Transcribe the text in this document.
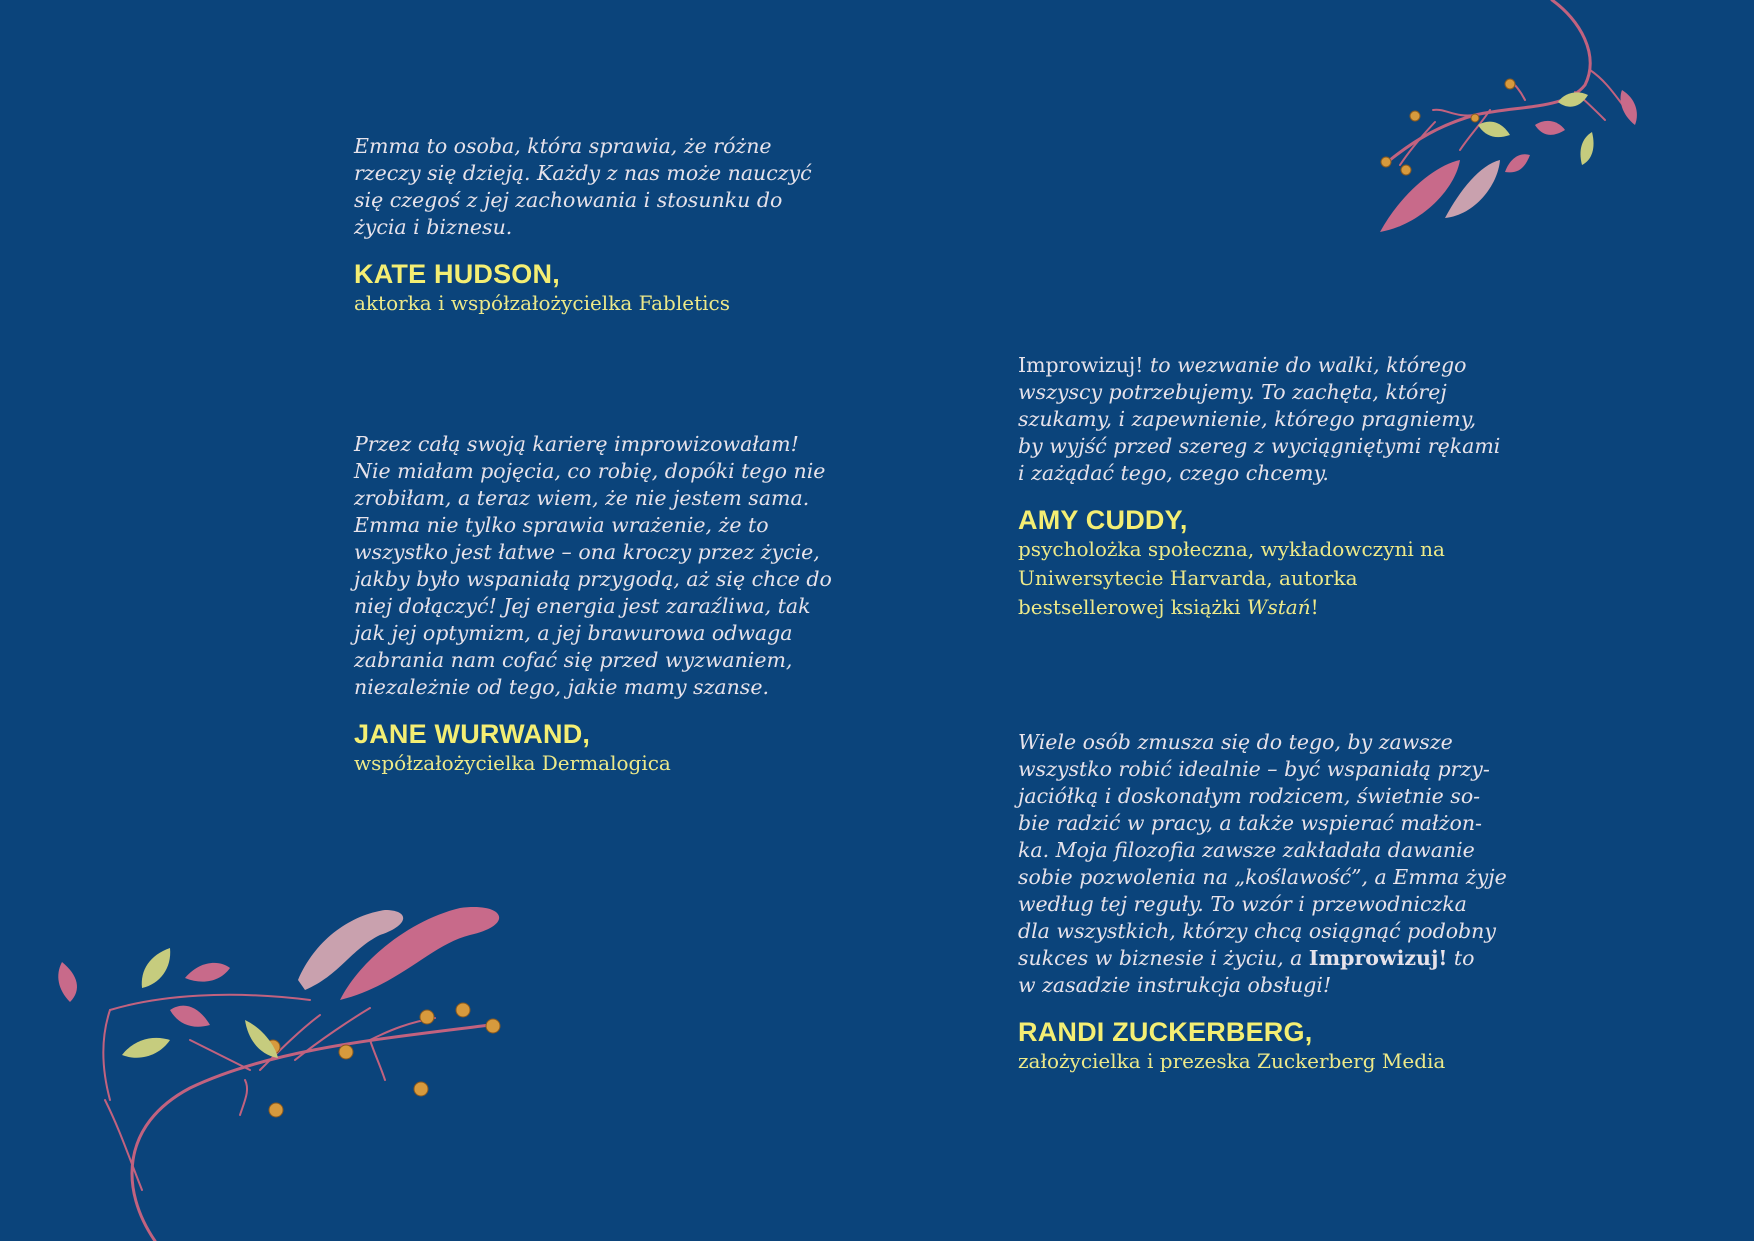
Emma to osoba, która sprawia, że różne
rzeczy się dzieją. Każdy z nas może nauczyć
się czegoś z jej zachowania i stosunku do
życia i biznesu.

KATE HUDSON,
aktorka i współzałożycielka Fabletics

Przez całą swoją karierę improwizowałam!
Nie miałam pojęcia, co robię, dopóki tego nie
zrobiłam, a teraz wiem, że nie jestem sama.
Emma nie tylko sprawia wrażenie, że to
wszystko jest łatwe – ona kroczy przez życie,
jakby było wspaniałą przygodą, aż się chce do
niej dołączyć! Jej energia jest zaraźliwa, tak
jak jej optymizm, a jej brawurowa odwaga
zabrania nam cofać się przed wyzwaniem,
niezależnie od tego, jakie mamy szanse.

JANE WURWAND,
współzałożycielka Dermalogica

Improwizuj! to wezwanie do walki, którego
wszyscy potrzebujemy. To zachęta, której
szukamy, i zapewnienie, którego pragniemy,
by wyjść przed szereg z wyciągniętymi rękami
i zażądać tego, czego chcemy.

AMY CUDDY,
psycholożka społeczna, wykładowczyni na
Uniwersytecie Harvarda, autorka
bestsellerowej książki Wstań!

Wiele osób zmusza się do tego, by zawsze
wszystko robić idealnie – być wspaniałą przy-
jaciółką i doskonałym rodzicem, świetnie so-
bie radzić w pracy, a także wspierać małżon-
ka. Moja filozofia zawsze zakładała dawanie
sobie pozwolenia na „koślawość”, a Emma żyje
według tej reguły. To wzór i przewodniczka
dla wszystkich, którzy chcą osiągnąć podobny
sukces w biznesie i życiu, a Improwizuj! to
w zasadzie instrukcja obsługi!

RANDI ZUCKERBERG,
założycielka i prezeska Zuckerberg Media
